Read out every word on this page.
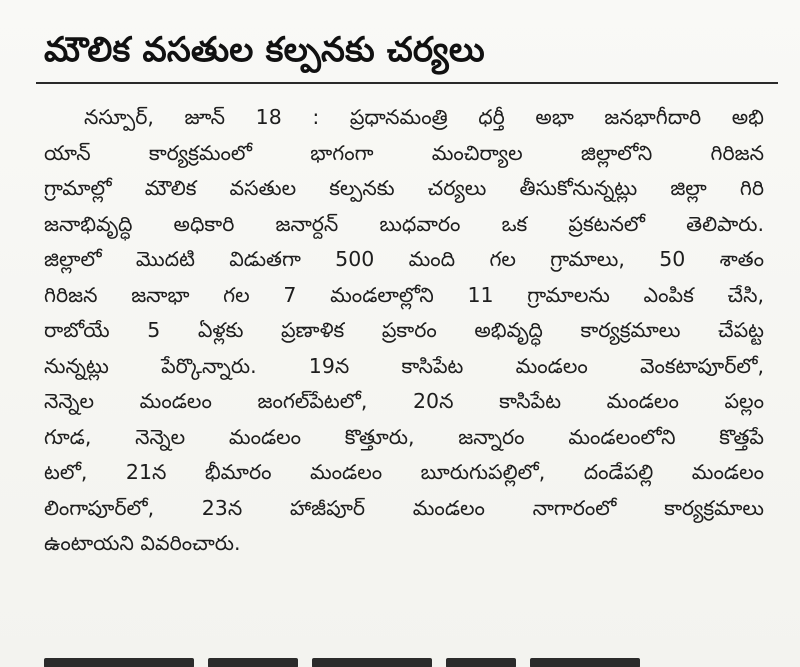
మౌలిక వసతుల కల్పనకు చర్యలు
నస్పూర్, జూన్ 18 : ప్రధానమంత్రి ధర్తీ అభా జనభాగీదారి అభి
యాన్ కార్యక్రమంలో భాగంగా మంచిర్యాల జిల్లాలోని గిరిజన
గ్రామాల్లో మౌలిక వసతుల కల్పనకు చర్యలు తీసుకోనున్నట్లు జిల్లా గిరి
జనాభివృద్ధి అధికారి జనార్దన్ బుధవారం ఒక ప్రకటనలో తెలిపారు.
జిల్లాలో మొదటి విడుతగా 500 మంది గల గ్రామాలు, 50 శాతం
గిరిజన జనాభా గల 7 మండలాల్లోని 11 గ్రామాలను ఎంపిక చేసి,
రాబోయే 5 ఏళ్లకు ప్రణాళిక ప్రకారం అభివృద్ధి కార్యక్రమాలు చేపట్ట
నున్నట్లు పేర్కొన్నారు. 19న కాసిపేట మండలం వెంకటాపూర్‌లో,
నెన్నెల మండలం జంగల్‌పేటలో, 20న కాసిపేట మండలం పల్లం
గూడ, నెన్నెల మండలం కొత్తూరు, జన్నారం మండలంలోని కొత్తపే
టలో, 21న భీమారం మండలం బూరుగుపల్లిలో, దండేపల్లి మండలం
లింగాపూర్‌లో, 23న హాజీపూర్ మండలం నాగారంలో కార్యక్రమాలు
ఉంటాయని వివరించారు.
